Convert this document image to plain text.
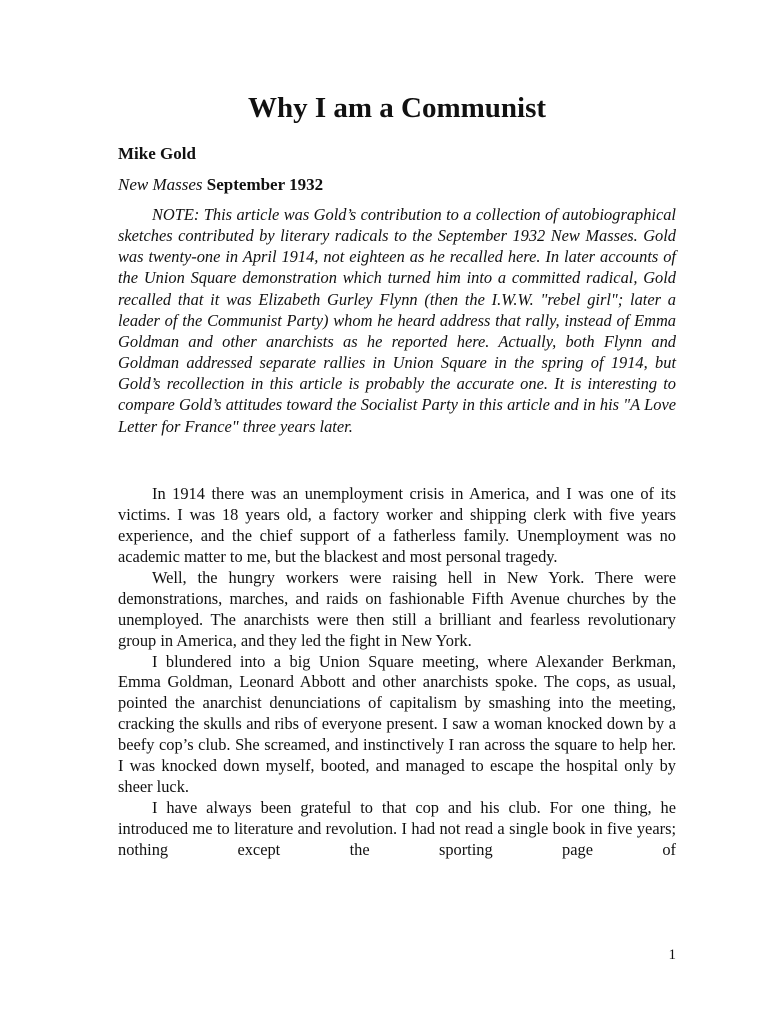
Why I am a Communist

Mike Gold

New Masses September 1932

NOTE: This article was Gold’s contribution to a collection of autobiographical sketches contributed by literary radicals to the September 1932 New Masses. Gold was twenty-one in April 1914, not eighteen as he recalled here. In later accounts of the Union Square demonstration which turned him into a committed radical, Gold recalled that it was Elizabeth Gurley Flynn (then the I.W.W. "rebel girl"; later a leader of the Communist Party) whom he heard address that rally, instead of Emma Goldman and other anarchists as he reported here. Actually, both Flynn and Goldman addressed separate rallies in Union Square in the spring of 1914, but Gold’s recollection in this article is probably the accurate one. It is interesting to compare Gold’s attitudes toward the Socialist Party in this article and in his "A Love Letter for France" three years later.

In 1914 there was an unemployment crisis in America, and I was one of its victims. I was 18 years old, a factory worker and shipping clerk with five years experience, and the chief support of a fatherless family. Unemployment was no academic matter to me, but the blackest and most personal tragedy.

Well, the hungry workers were raising hell in New York. There were demonstrations, marches, and raids on fashionable Fifth Avenue churches by the unemployed. The anarchists were then still a brilliant and fearless revolutionary group in America, and they led the fight in New York.

I blundered into a big Union Square meeting, where Alexander Berkman, Emma Goldman, Leonard Abbott and other anarchists spoke. The cops, as usual, pointed the anarchist denunciations of capitalism by smashing into the meeting, cracking the skulls and ribs of everyone present. I saw a woman knocked down by a beefy cop’s club. She screamed, and instinctively I ran across the square to help her. I was knocked down myself, booted, and managed to escape the hospital only by sheer luck.

I have always been grateful to that cop and his club. For one thing, he introduced me to literature and revolution. I had not read a single book in five years; nothing except the sporting page of

1
